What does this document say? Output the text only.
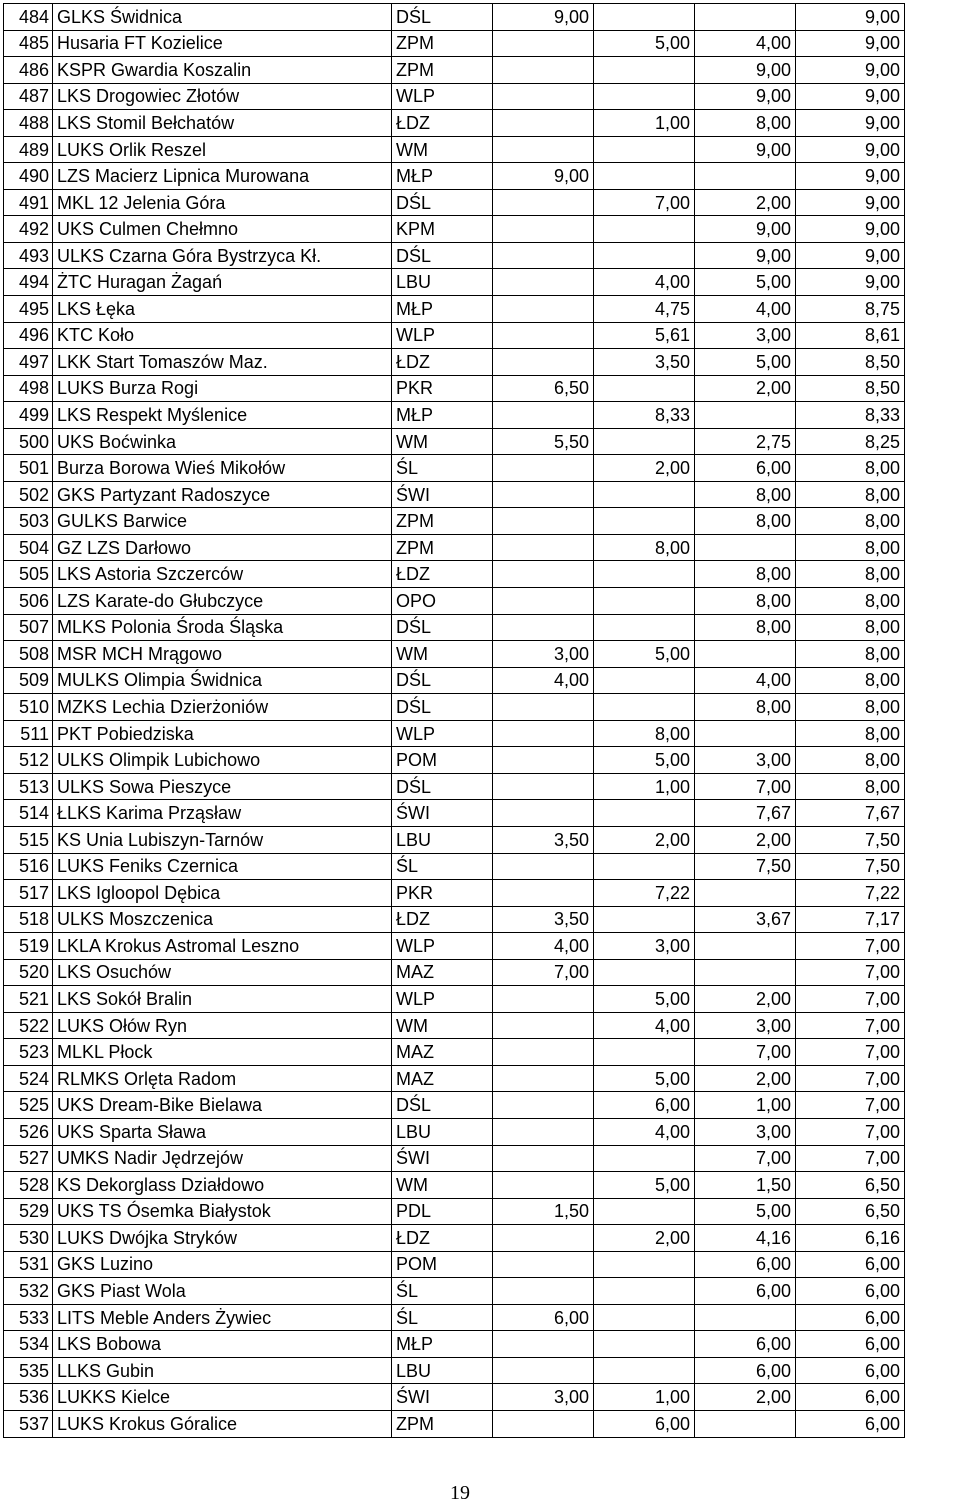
484	GLKS Świdnica	DŚL	9,00			9,00
485	Husaria FT Kozielice	ZPM		5,00	4,00	9,00
486	KSPR Gwardia Koszalin	ZPM			9,00	9,00
487	LKS Drogowiec Złotów	WLP			9,00	9,00
488	LKS Stomil Bełchatów	ŁDZ		1,00	8,00	9,00
489	LUKS Orlik Reszel	WM			9,00	9,00
490	LZS Macierz Lipnica Murowana	MŁP	9,00			9,00
491	MKL 12 Jelenia Góra	DŚL		7,00	2,00	9,00
492	UKS Culmen Chełmno	KPM			9,00	9,00
493	ULKS Czarna Góra Bystrzyca Kł.	DŚL			9,00	9,00
494	ŻTC Huragan Żagań	LBU		4,00	5,00	9,00
495	LKS Łęka	MŁP		4,75	4,00	8,75
496	KTC Koło	WLP		5,61	3,00	8,61
497	LKK Start Tomaszów Maz.	ŁDZ		3,50	5,00	8,50
498	LUKS Burza Rogi	PKR	6,50		2,00	8,50
499	LKS Respekt Myślenice	MŁP		8,33		8,33
500	UKS Boćwinka	WM	5,50		2,75	8,25
501	Burza Borowa Wieś Mikołów	ŚL		2,00	6,00	8,00
502	GKS Partyzant Radoszyce	ŚWI			8,00	8,00
503	GULKS Barwice	ZPM			8,00	8,00
504	GZ LZS Darłowo	ZPM		8,00		8,00
505	LKS Astoria Szczerców	ŁDZ			8,00	8,00
506	LZS Karate-do Głubczyce	OPO			8,00	8,00
507	MLKS Polonia Środa Śląska	DŚL			8,00	8,00
508	MSR MCH Mrągowo	WM	3,00	5,00		8,00
509	MULKS Olimpia Świdnica	DŚL	4,00		4,00	8,00
510	MZKS Lechia Dzierżoniów	DŚL			8,00	8,00
511	PKT Pobiedziska	WLP		8,00		8,00
512	ULKS Olimpik Lubichowo	POM		5,00	3,00	8,00
513	ULKS Sowa Pieszyce	DŚL		1,00	7,00	8,00
514	ŁLKS Karima Prząsław	ŚWI			7,67	7,67
515	KS Unia Lubiszyn-Tarnów	LBU	3,50	2,00	2,00	7,50
516	LUKS Feniks Czernica	ŚL			7,50	7,50
517	LKS Igloopol Dębica	PKR		7,22		7,22
518	ULKS Moszczenica	ŁDZ	3,50		3,67	7,17
519	LKLA Krokus Astromal Leszno	WLP	4,00	3,00		7,00
520	LKS Osuchów	MAZ	7,00			7,00
521	LKS Sokół Bralin	WLP		5,00	2,00	7,00
522	LUKS Ołów Ryn	WM		4,00	3,00	7,00
523	MLKL Płock	MAZ			7,00	7,00
524	RLMKS Orlęta Radom	MAZ		5,00	2,00	7,00
525	UKS Dream-Bike Bielawa	DŚL		6,00	1,00	7,00
526	UKS Sparta Sława	LBU		4,00	3,00	7,00
527	UMKS Nadir Jędrzejów	ŚWI			7,00	7,00
528	KS Dekorglass Działdowo	WM		5,00	1,50	6,50
529	UKS TS Ósemka Białystok	PDL	1,50		5,00	6,50
530	LUKS Dwójka Stryków	ŁDZ		2,00	4,16	6,16
531	GKS Luzino	POM			6,00	6,00
532	GKS Piast Wola	ŚL			6,00	6,00
533	LITS Meble Anders Żywiec	ŚL	6,00			6,00
534	LKS Bobowa	MŁP			6,00	6,00
535	LLKS Gubin	LBU			6,00	6,00
536	LUKKS Kielce	ŚWI	3,00	1,00	2,00	6,00
537	LUKS Krokus Góralice	ZPM		6,00		6,00
19
